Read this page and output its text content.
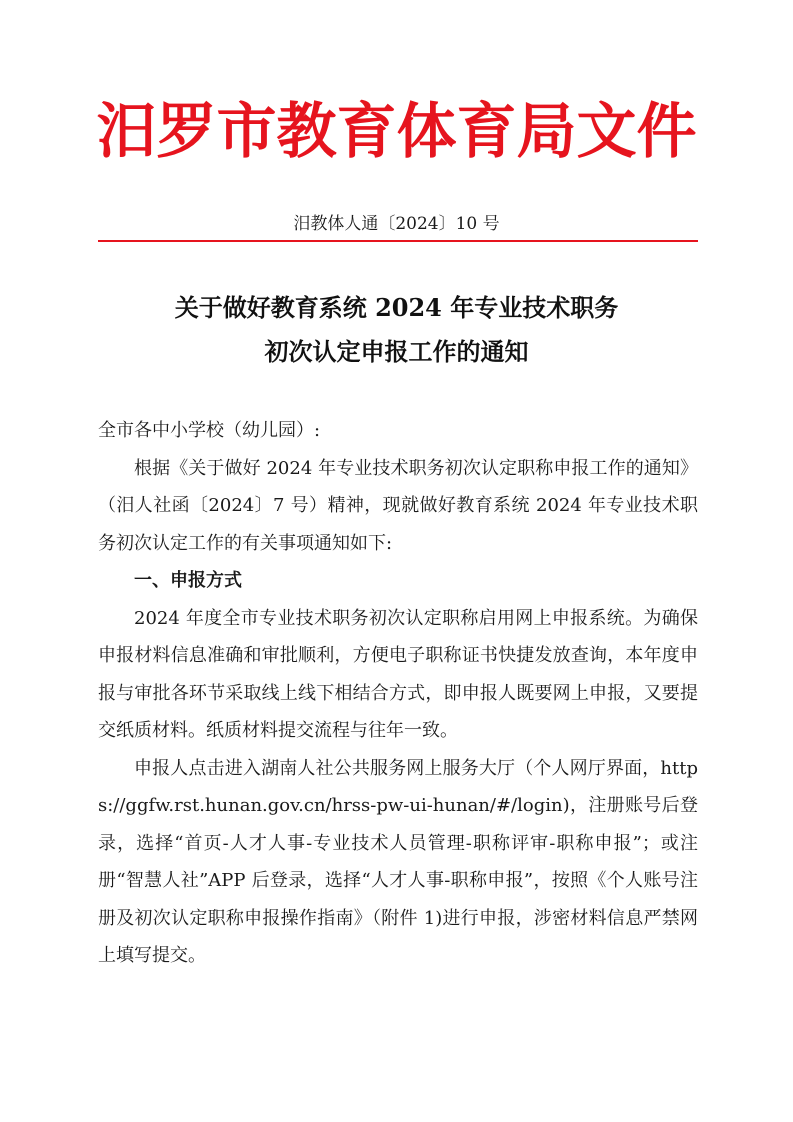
汨罗市教育体育局文件
汨教体人通〔2024〕10 号
关于做好教育系统 2024 年专业技术职务
初次认定申报工作的通知

全市各中小学校（幼儿园）:

根据《关于做好 2024 年专业技术职务初次认定职称申报工作的通知》（汨人社函〔2024〕7 号）精神，现就做好教育系统 2024 年专业技术职务初次认定工作的有关事项通知如下:

一、申报方式

2024 年度全市专业技术职务初次认定职称启用网上申报系统。为确保申报材料信息准确和审批顺利，方便电子职称证书快捷发放查询，本年度申报与审批各环节采取线上线下相结合方式，即申报人既要网上申报，又要提交纸质材料。纸质材料提交流程与往年一致。

申报人点击进入湖南人社公共服务网上服务大厅（个人网厅界面，https://ggfw.rst.hunan.gov.cn/hrss-pw-ui-hunan/#/login)，注册账号后登录，选择“首页-人才人事-专业技术人员管理-职称评审-职称申报”；或注册“智慧人社”APP 后登录，选择“人才人事-职称申报”，按照《个人账号注册及初次认定职称申报操作指南》（附件 1)进行申报，涉密材料信息严禁网上填写提交。
